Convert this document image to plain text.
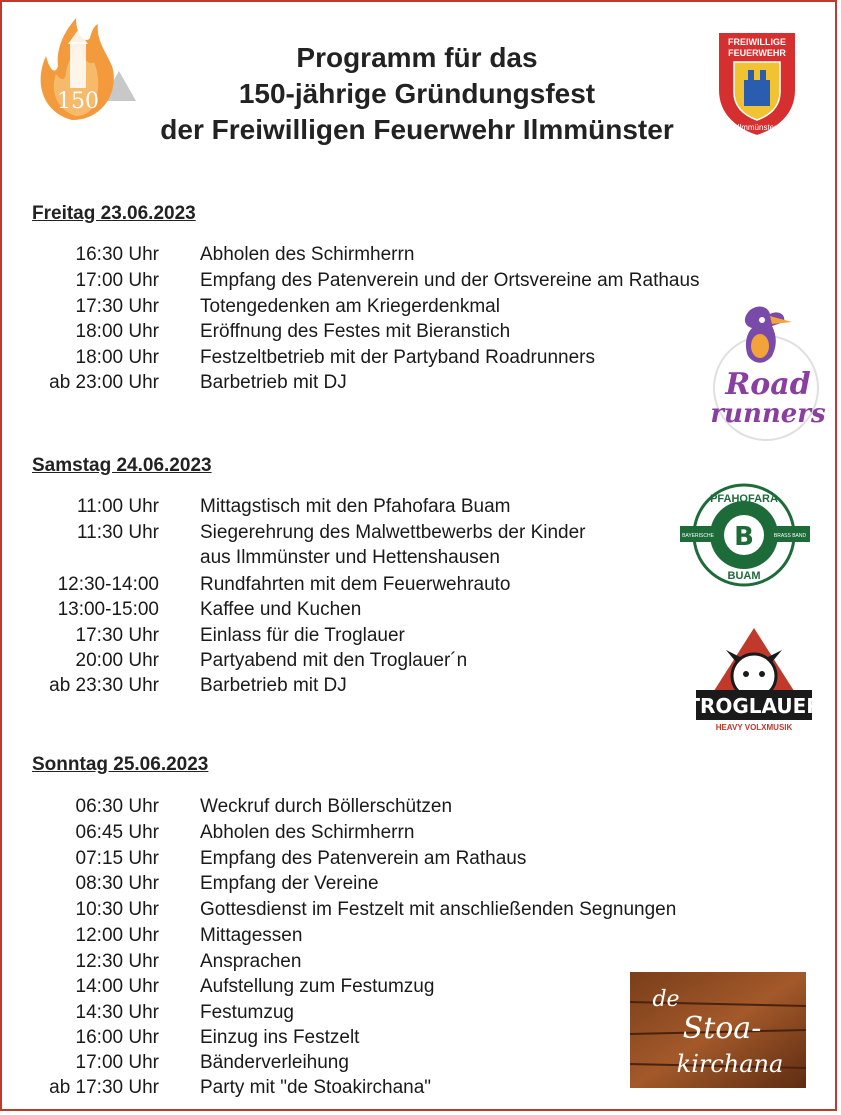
150
Programm für das
150-jährige Gründungsfest
der Freiwilligen Feuerwehr Ilmmünster
FREIWILLIGE
FEUERWEHR
Ilmmünster
Road
runners
PFAHOFARA
BUAM
BAYERISCHE	BRASS BAND
B
TROGLAUER
HEAVY VOLXMUSIK
de
Stoa-
kirchana
Freitag 23.06.2023
16:30 Uhr Abholen des Schirmherrn
17:00 Uhr Empfang des Patenverein und der Ortsvereine am Rathaus
17:30 Uhr Totengedenken am Kriegerdenkmal
18:00 Uhr Eröffnung des Festes mit Bieranstich
18:00 Uhr Festzeltbetrieb mit der Partyband Roadrunners
ab 23:00 Uhr Barbetrieb mit DJ
Samstag 24.06.2023
11:00 Uhr Mittagstisch mit den Pfahofara Buam
11:30 Uhr Siegerehrung des Malwettbewerbs der Kinder
aus Ilmmünster und Hettenshausen
12:30-14:00 Rundfahrten mit dem Feuerwehrauto
13:00-15:00 Kaffee und Kuchen
17:30 Uhr Einlass für die Troglauer
20:00 Uhr Partyabend mit den Troglauer´n
ab 23:30 Uhr Barbetrieb mit DJ
Sonntag 25.06.2023
06:30 Uhr Weckruf durch Böllerschützen
06:45 Uhr Abholen des Schirmherrn
07:15 Uhr Empfang des Patenverein am Rathaus
08:30 Uhr Empfang der Vereine
10:30 Uhr Gottesdienst im Festzelt mit anschließenden Segnungen
12:00 Uhr Mittagessen
12:30 Uhr Ansprachen
14:00 Uhr Aufstellung zum Festumzug
14:30 Uhr Festumzug
16:00 Uhr Einzug ins Festzelt
17:00 Uhr Bänderverleihung
ab 17:30 Uhr Party mit "de Stoakirchana"
